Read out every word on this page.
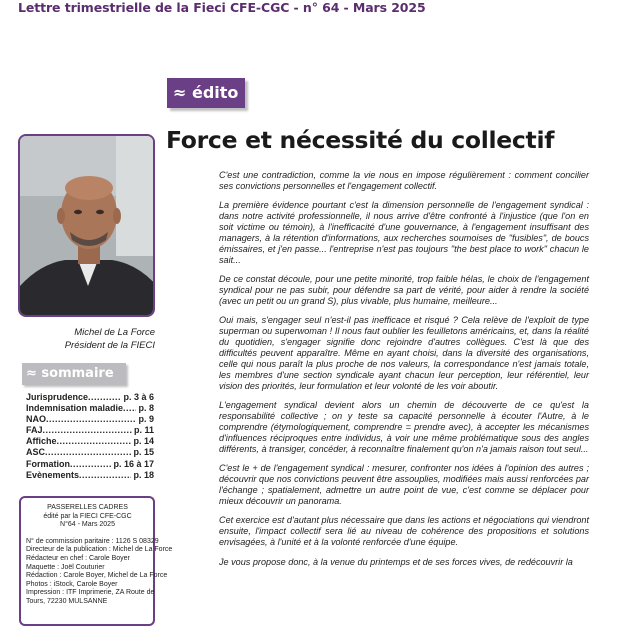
Lettre trimestrielle de la Fieci CFE-CGC - n° 64 - Mars 2025
≈ édito
Force et nécessité du collectif
Michel de La Force
Président de la FIECI
≈ sommaire
Jurisprudence .....	p. 3 à 6
Indemnisation maladie ..... p. 8
NAO .....	p. 9
FAJ .....	p. 11
Affiche .....	p. 14
ASC .....	p. 15
Formation .....	p. 16 à 17
Evènements .....	p. 18
PASSERELLES CADRES
édité par la FIECI CFE-CGC
N°64 - Mars 2025
N° de commission paritaire : 1126 S 08329
Directeur de la publication : Michel de La Force
Rédacteur en chef : Carole Boyer
Maquette : Joël Couturier
Rédaction : Carole Boyer, Michel de La Force
Photos : iStock, Carole Boyer
Impression : ITF Imprimerie, ZA Route de
Tours, 72230 MULSANNE

C'est une contradiction, comme la vie nous en impose régulièrement : comment concilier ses convictions personnelles et l'engagement collectif.

La première évidence pourtant c'est la dimension personnelle de l'engagement syndical : dans notre activité professionnelle, il nous arrive d'être confronté à l'injustice (que l'on en soit victime ou témoin), à l'inefficacité d'une gouvernance, à l'engagement insuffisant des managers, à la rétention d'informations, aux recherches soumoises de "fusibles", de boucs émissaires, et j'en passe... l'entreprise n'est pas toujours "the best place to work" chacun le sait...

De ce constat découle, pour une petite minorité, trop faible hélas, le choix de l'engagement syndical pour ne pas subir, pour défendre sa part de vérité, pour aider à rendre la société (avec un petit ou un grand S), plus vivable, plus humaine, meilleure...

Oui mais, s'engager seul n'est-il pas inefficace et risqué ? Cela relève de l'exploit de type superman ou superwoman ! Il nous faut oublier les feuilletons américains, et, dans la réalité du quotidien, s'engager signifie donc rejoindre d'autres collègues. C'est là que des difficultés peuvent apparaître. Même en ayant choisi, dans la diversité des organisations, celle qui nous paraît la plus proche de nos valeurs, la correspondance n'est jamais totale, les membres d'une section syndicale ayant chacun leur perception, leur référentiel, leur vision des priorités, leur formulation et leur volonté de les voir aboutir.

L'engagement syndical devient alors un chemin de découverte de ce qu'est la responsabilité collective ; on y teste sa capacité personnelle à écouter l'Autre, à le comprendre (étymologiquement, comprendre = prendre avec), à accepter les mécanismes d'influences réciproques entre individus, à voir une même problématique sous des angles différents, à transiger, concéder, à reconnaître finalement qu'on n'a jamais raison tout seul...

C'est le + de l'engagement syndical : mesurer, confronter nos idées à l'opinion des autres ; découvrir que nos convictions peuvent être assouplies, modifiées mais aussi renforcées par l'échange ; spatialement, admettre un autre point de vue, c'est comme se déplacer pour mieux découvrir un panorama.

Cet exercice est d'autant plus nécessaire que dans les actions et négociations qui viendront ensuite, l'impact collectif sera lié au niveau de cohérence des propositions et solutions envisagées, à l'unité et à la volonté renforcée d'une équipe.

Je vous propose donc, à la venue du printemps et de ses forces vives, de redécouvrir la
